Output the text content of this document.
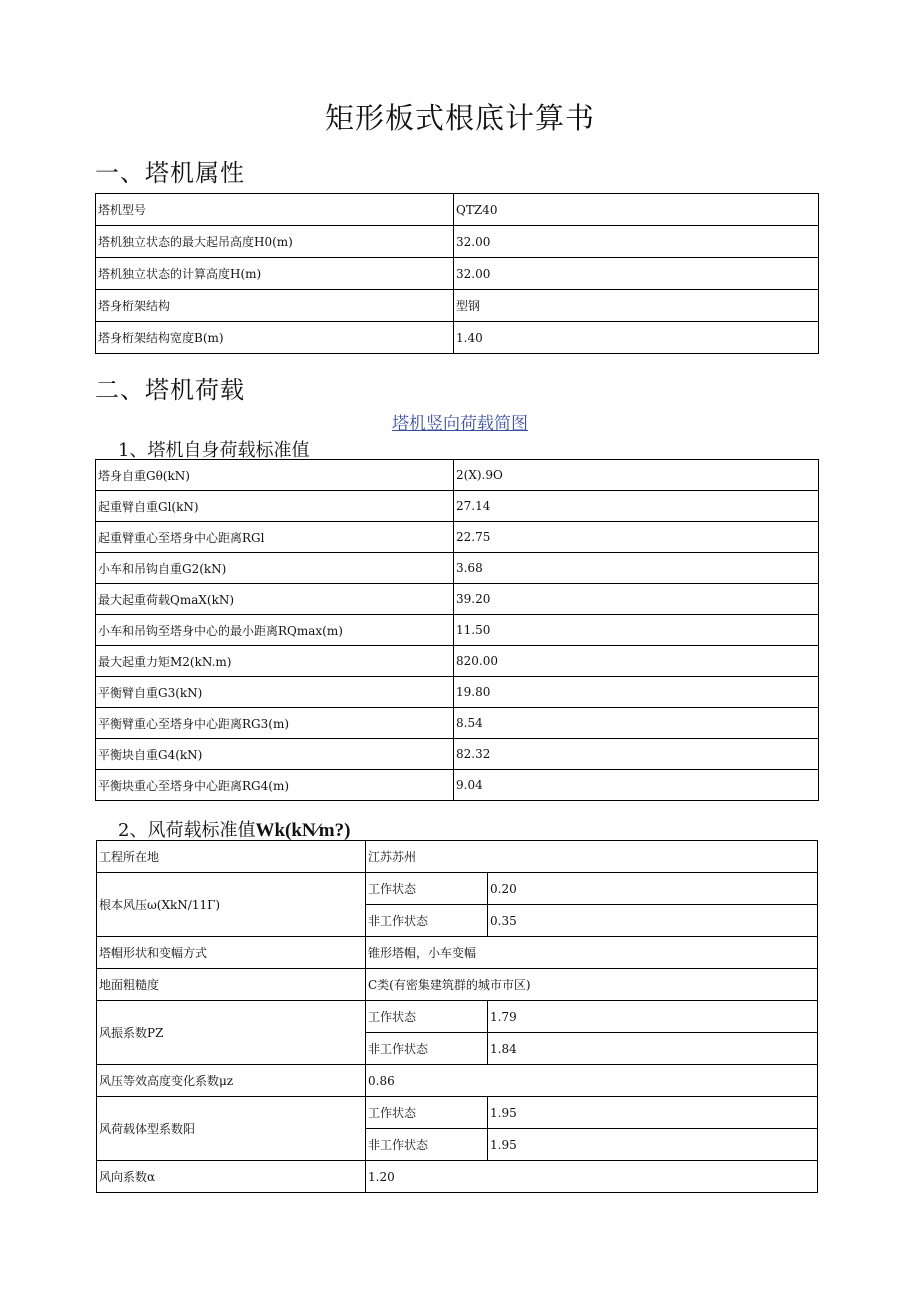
矩形板式根底计算书
一、塔机属性
塔机型号	QTZ40
塔机独立状态的最大起吊高度H0(m)	32.00
塔机独立状态的计算高度H(m)	32.00
塔身桁架结构	型钢
塔身桁架结构宽度B(m)	1.40
二、塔机荷载
塔机竖向荷载简图
1、塔机自身荷载标准值
塔身自重Gθ(kN)	2(X).9O
起重臂自重Gl(kN)	27.14
起重臂重心至塔身中心距离RGl	22.75
小车和吊钩自重G2(kN)	3.68
最大起重荷载QmaX(kN)	39.20
小车和吊钩至塔身中心的最小距离RQmax(m)	11.50
最大起重力矩M2(kN.m)	820.00
平衡臂自重G3(kN)	19.80
平衡臂重心至塔身中心距离RG3(m)	8.54
平衡块自重G4(kN)	82.32
平衡块重心至塔身中心距离RG4(m)	9.04
2、风荷载标准值Wk(kN∕m?)
工程所在地	江苏苏州	
根本风压ω(XkN∕11Γ)	工作状态	0.20
	非工作状态	0.35
塔帽形状和变幅方式	锥形塔帽，小车变幅	
地面粗糙度	C类(有密集建筑群的城市市区)	
风振系数PZ	工作状态	1.79
	非工作状态	1.84
风压等效高度变化系数μz	0.86	
风荷载体型系数阳	工作状态	1.95
	非工作状态	1.95
风向系数α	1.20	
